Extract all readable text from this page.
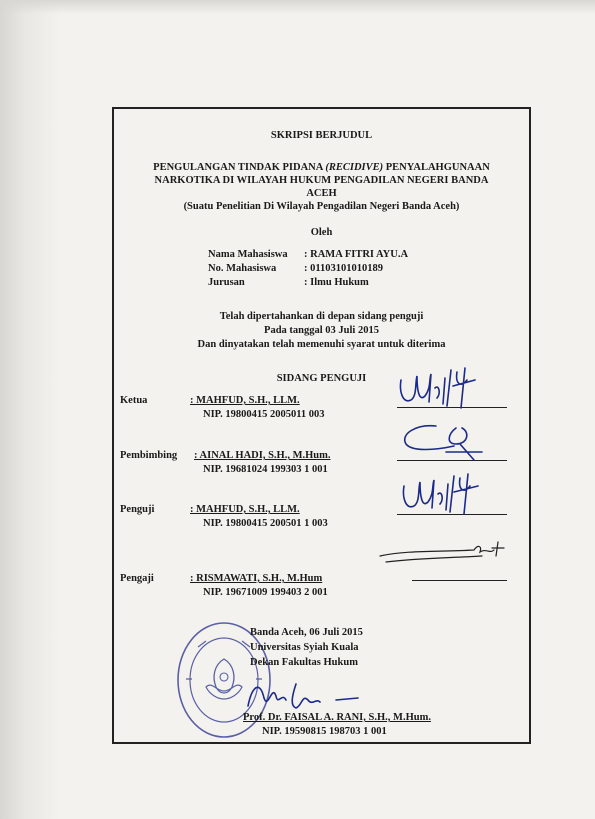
SKRIPSI BERJUDUL
PENGULANGAN TINDAK PIDANA (RECIDIVE) PENYALAHGUNAAN
NARKOTIKA DI WILAYAH HUKUM PENGADILAN NEGERI BANDA
ACEH
(Suatu Penelitian Di Wilayah Pengadilan Negeri Banda Aceh)
Oleh
Nama Mahasiswa : RAMA FITRI AYU.A
No. Mahasiswa	: 01103101010189
Jurusan	: Ilmu Hukum
Telah dipertahankan di depan sidang penguji
Pada tanggal 03 Juli 2015
Dan dinyatakan telah memenuhi syarat untuk diterima
SIDANG PENGUJI
Ketua	: MAHFUD, S.H., LLM.
NIP. 19800415 2005011 003
Pembimbing : AINAL HADI, S.H., M.Hum.
NIP. 19681024 199303 1 001
Penguji	: MAHFUD, S.H., LLM.
NIP. 19800415 200501 1 003
Pengaji	: RISMAWATI, S.H., M.Hum
NIP. 19671009 199403 2 001
Banda Aceh, 06 Juli 2015
Universitas Syiah Kuala
Dekan Fakultas Hukum
Prof. Dr. FAISAL A. RANI, S.H., M.Hum.
NIP. 19590815 198703 1 001
